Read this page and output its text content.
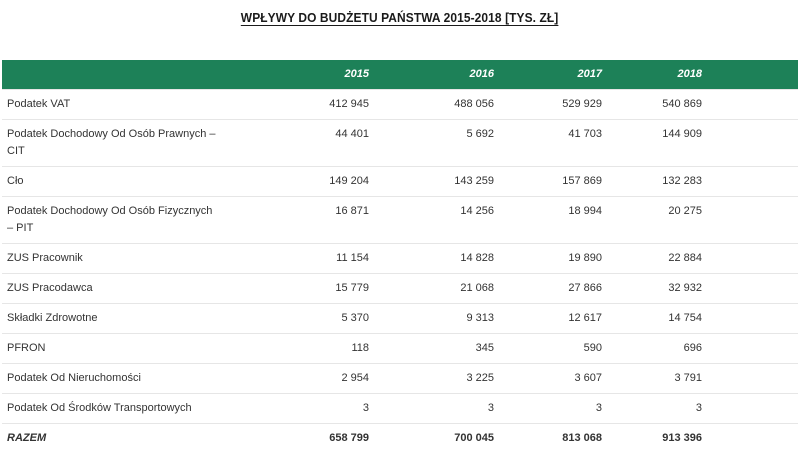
WPŁYWY DO BUDŻETU PAŃSTWA 2015-2018 [TYS. ZŁ]
	2015	2016	2017	2018	
Podatek VAT	412 945	488 056	529 929	540 869	
Podatek Dochodowy Od Osób Prawnych – CIT	44 401	5 692	41 703	144 909	
Cło	149 204	143 259	157 869	132 283	
Podatek Dochodowy Od Osób Fizycznych – PIT	16 871	14 256	18 994	20 275	
ZUS Pracownik	11 154	14 828	19 890	22 884	
ZUS Pracodawca	15 779	21 068	27 866	32 932	
Składki Zdrowotne	5 370	9 313	12 617	14 754	
PFRON	118	345	590	696	
Podatek Od Nieruchomości	2 954	3 225	3 607	3 791	
Podatek Od Środków Transportowych	3	3	3	3	
RAZEM	658 799	700 045	813 068	913 396	
